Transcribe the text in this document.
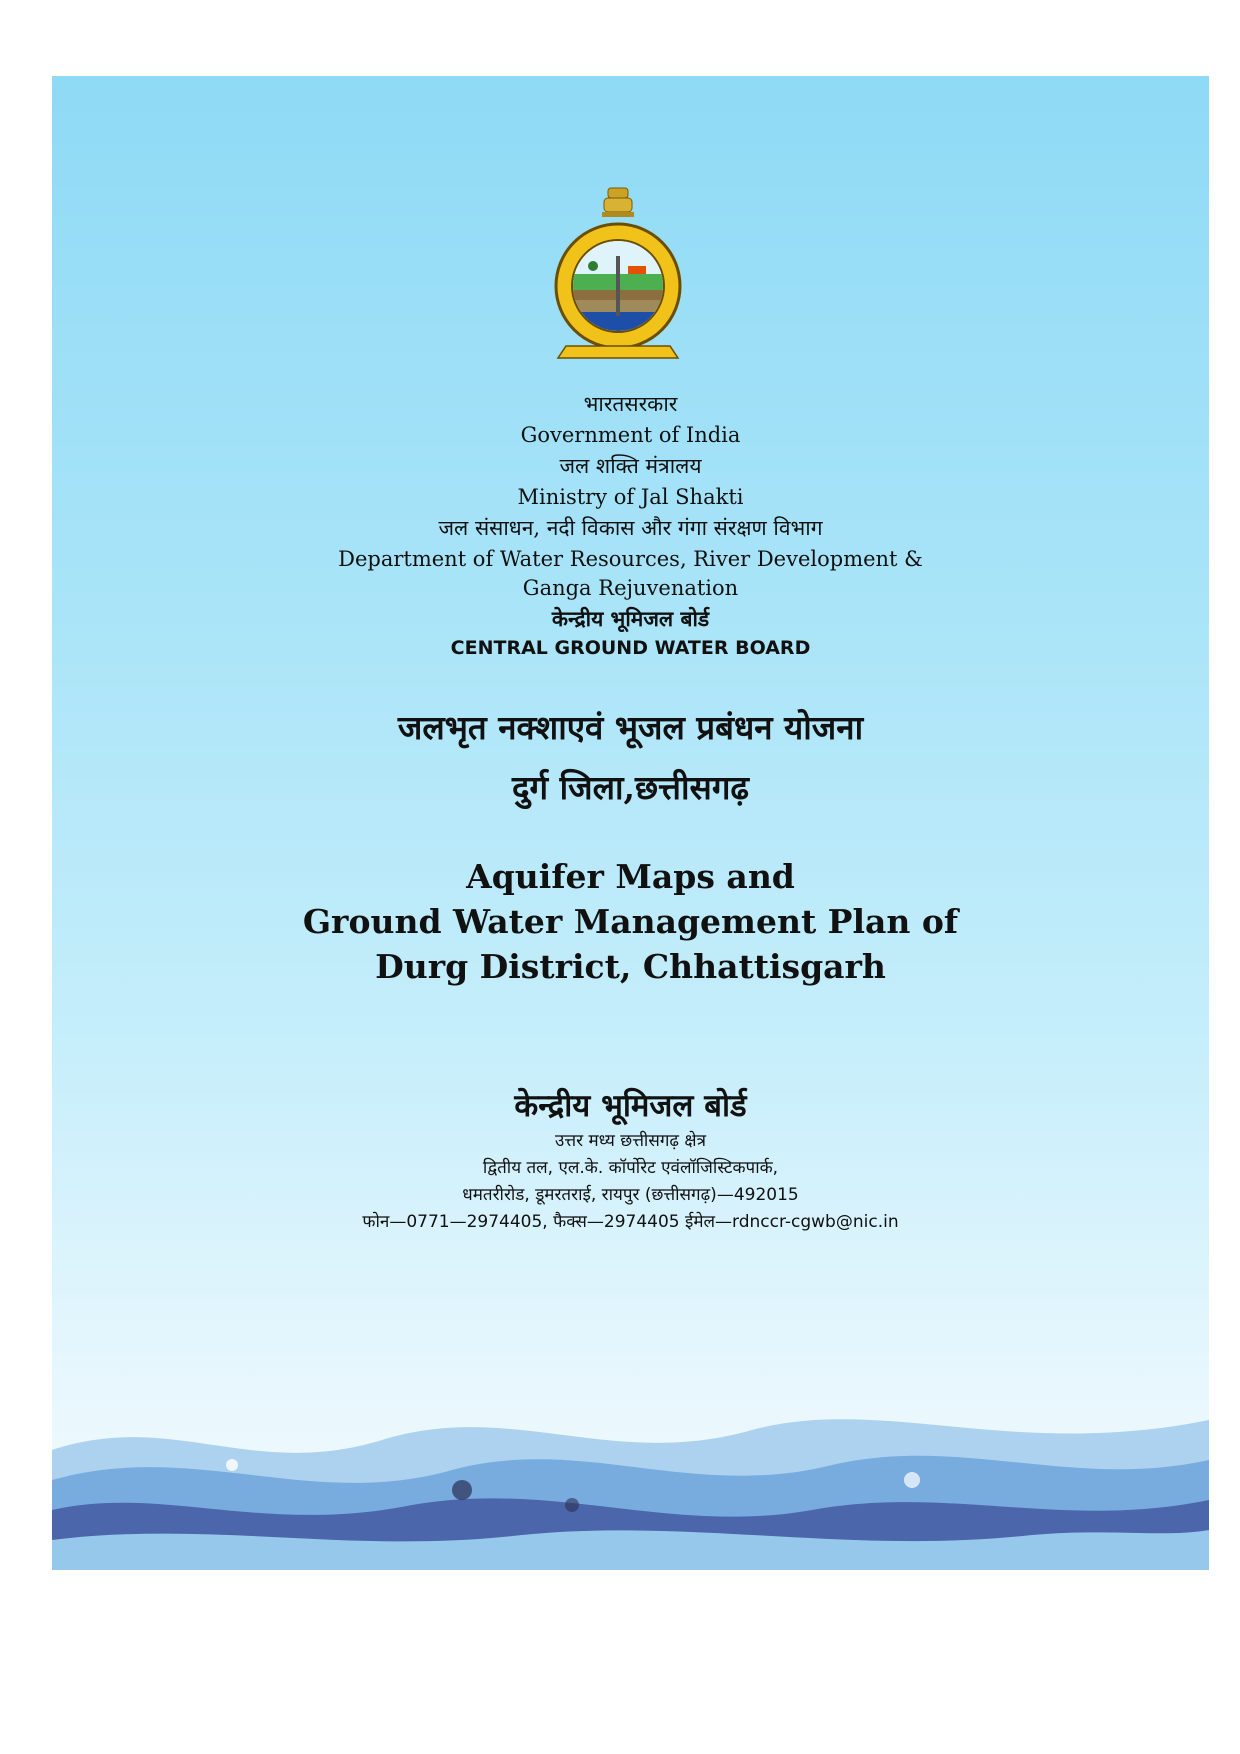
भारतसरकार
Government of India
जल शक्ति मंत्रालय
Ministry of Jal Shakti
जल संसाधन, नदी विकास और गंगा संरक्षण विभाग
Department of Water Resources, River Development &
Ganga Rejuvenation
केन्द्रीय भूमिजल बोर्ड
CENTRAL GROUND WATER BOARD
जलभृत नक्शाएवं भूजल प्रबंधन योजना
दुर्ग जिला,छत्तीसगढ़
Aquifer Maps and
Ground Water Management Plan of
Durg District, Chhattisgarh
केन्द्रीय भूमिजल बोर्ड
उत्तर मध्य छत्तीसगढ़ क्षेत्र
द्वितीय तल, एल.के. कॉर्पोरेट एवंलॉजिस्टिकपार्क,
धमतरीरोड, डूमरतराई, रायपुर (छत्तीसगढ़)—492015
फोन—0771—2974405, फैक्स—2974405 ईमेल—rdnccr-cgwb@nic.in
